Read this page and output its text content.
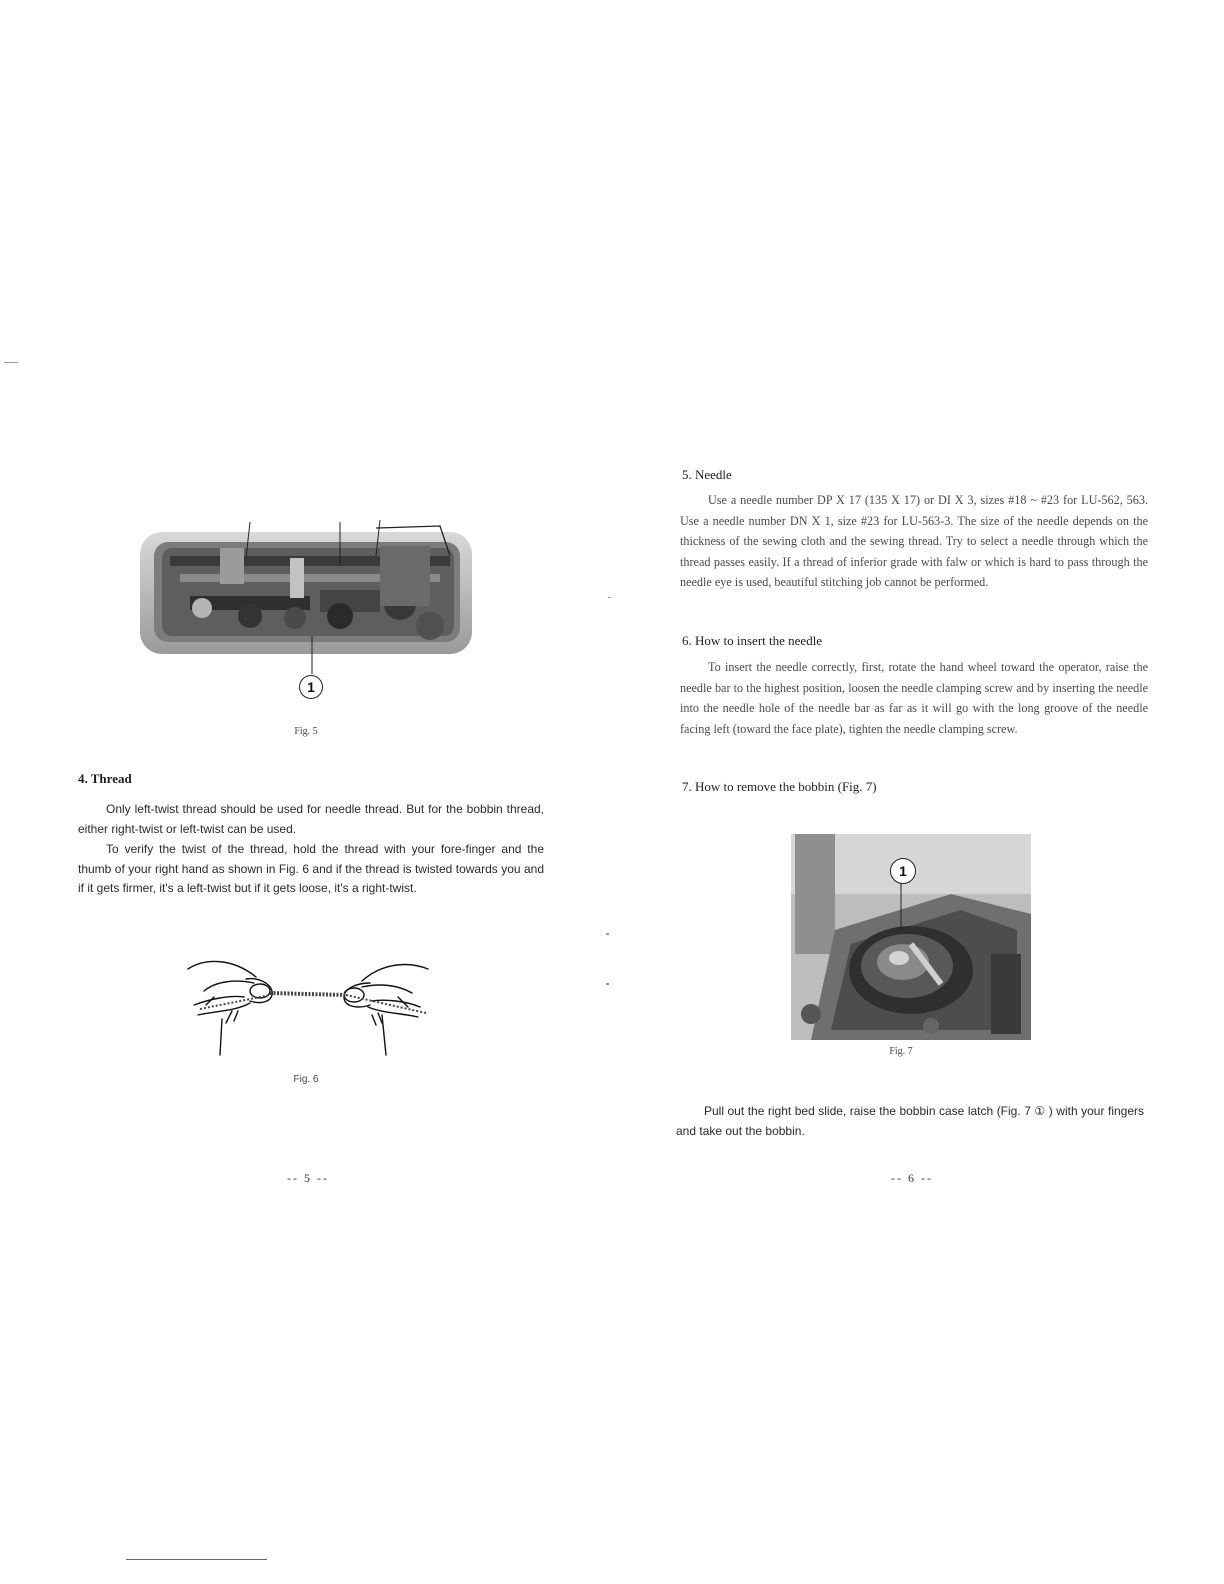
1
Fig. 5
4. Thread
Only left-twist thread should be used for needle thread. But for the bobbin thread, either right-twist or left-twist can be used.
To verify the twist of the thread, hold the thread with your fore-finger and the thumb of your right hand as shown in Fig. 6 and if the thread is twisted towards you and if it gets firmer, it's a left-twist but if it gets loose, it's a right-twist.
Fig. 6
-- 5 --
5. Needle
Use a needle number DP X 17 (135 X 17) or DI X 3, sizes #18 ~ #23 for LU-562, 563. Use a needle number DN X 1, size #23 for LU-563-3. The size of the needle depends on the thickness of the sewing cloth and the sewing thread. Try to select a needle through which the thread passes easily. If a thread of inferior grade with falw or which is hard to pass through the needle eye is used, beautiful stitching job cannot be performed.
6. How to insert the needle
To insert the needle correctly, first, rotate the hand wheel toward the operator, raise the needle bar to the highest position, loosen the needle clamping screw and by inserting the needle into the needle hole of the needle bar as far as it will go with the long groove of the needle facing left (toward the face plate), tighten the needle clamping screw.
7. How to remove the bobbin (Fig. 7)
1
Fig. 7
Pull out the right bed slide, raise the bobbin case latch (Fig. 7 ① ) with your fingers and take out the bobbin.
-- 6 --
